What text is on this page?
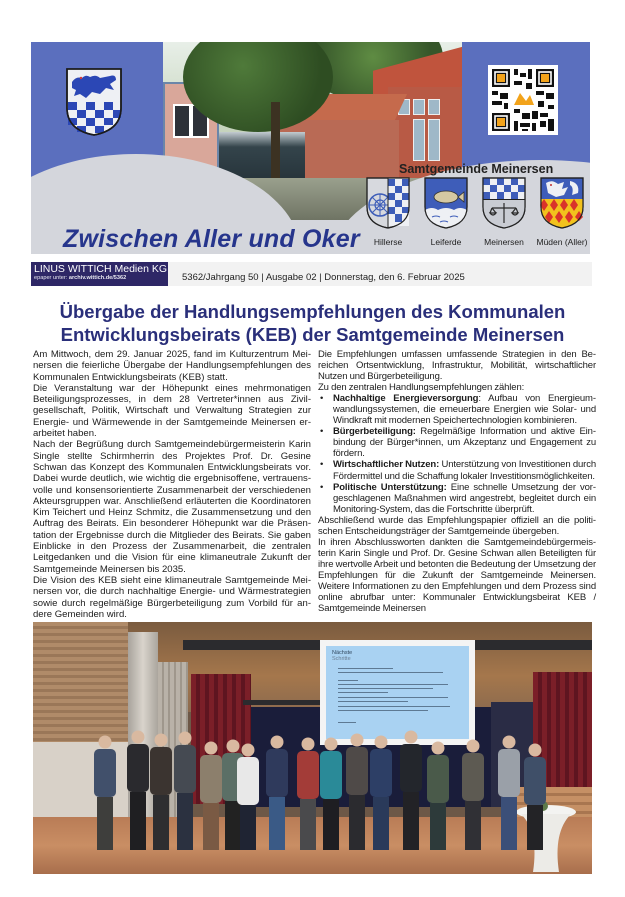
Zwischen Aller und Oker
Samtgemeinde Meinersen
Hillerse	Leiferde	Meinersen	Müden (Aller)
LINUS WITTICH Medien KG
epaper unter: archiv.wittich.de/5362	5362/Jahrgang 50 | Ausgabe 02 | Donnerstag, den 6. Februar 2025
Übergabe der Handlungsempfehlungen des Kommunalen
Entwicklungsbeirats (KEB) der Samtgemeinde Meinersen

Am Mittwoch, dem 29. Januar 2025, fand im Kulturzentrum Meinersen die feierliche Übergabe der Handlungsempfehlungen des Kommunalen Entwicklungsbeirats (KEB) statt.

Die Veranstaltung war der Höhepunkt eines mehrmonatigen Beteiligungsprozesses, in dem 28 Vertreter*innen aus Zivilgesellschaft, Politik, Wirtschaft und Verwaltung Strategien zur Energie- und Wärmewende in der Samtgemeinde Meinersen erarbeitet haben.

Nach der Begrüßung durch Samtgemeindebürgermeisterin Karin Single stellte Schirmherrin des Projektes Prof. Dr. Gesine Schwan das Konzept des Kommunalen Entwicklungsbeirats vor. Dabei wurde deutlich, wie wichtig die ergebnisoffene, vertrauensvolle und konsensorientierte Zusammenarbeit der verschiedenen Akteursgruppen war. Anschließend erläuterten die Koordinatoren Kim Teichert und Heinz Schmitz, die Zusammensetzung und den Auftrag des Beirats. Ein besonderer Höhepunkt war die Präsentation der Ergebnisse durch die Mitglieder des Beirats. Sie gaben Einblicke in den Prozess der Zusammenarbeit, die zentralen Leitgedanken und die Vision für eine klimaneutrale Zukunft der Samtgemeinde Meinersen bis 2035.

Die Vision des KEB sieht eine klimaneutrale Samtgemeinde Meinersen vor, die durch nachhaltige Energie- und Wärmestrategien sowie durch regelmäßige Bürgerbeteiligung zum Vorbild für andere Gemeinden wird.

Die Empfehlungen umfassen umfassende Strategien in den Bereichen Ortsentwicklung, Infrastruktur, Mobilität, wirtschaftlicher Nutzen und Bürgerbeteiligung.

Zu den zentralen Handlungsempfehlungen zählen:

• Nachhaltige Energieversorgung: Aufbau von Energieumwandlungssystemen, die erneuerbare Energien wie Solar- und Windkraft mit modernen Speichertechnologien kombinieren.
• Bürgerbeteiligung: Regelmäßige Information und aktive Einbindung der Bürger*innen, um Akzeptanz und Engagement zu fördern.
• Wirtschaftlicher Nutzen: Unterstützung von Investitionen durch Fördermittel und die Schaffung lokaler Investitionsmöglichkeiten.
• Politische Unterstützung: Eine schnelle Umsetzung der vorgeschlagenen Maßnahmen wird angestrebt, begleitet durch ein Monitoring-System, das die Fortschritte überprüft.

Abschließend wurde das Empfehlungspapier offiziell an die politischen Entscheidungsträger der Samtgemeinde übergeben.

In ihren Abschlussworten dankten die Samtgemeindebürgermeisterin Karin Single und Prof. Dr. Gesine Schwan allen Beteiligten für ihre wertvolle Arbeit und betonten die Bedeutung der Umsetzung der Empfehlungen für die Zukunft der Samtgemeinde Meinersen. Weitere Informationen zu den Empfehlungen und dem Prozess sind online abrufbar unter: Kommunaler Entwicklungsbeirat KEB / Samtgemeinde Meinersen

Nächste
Schritte
